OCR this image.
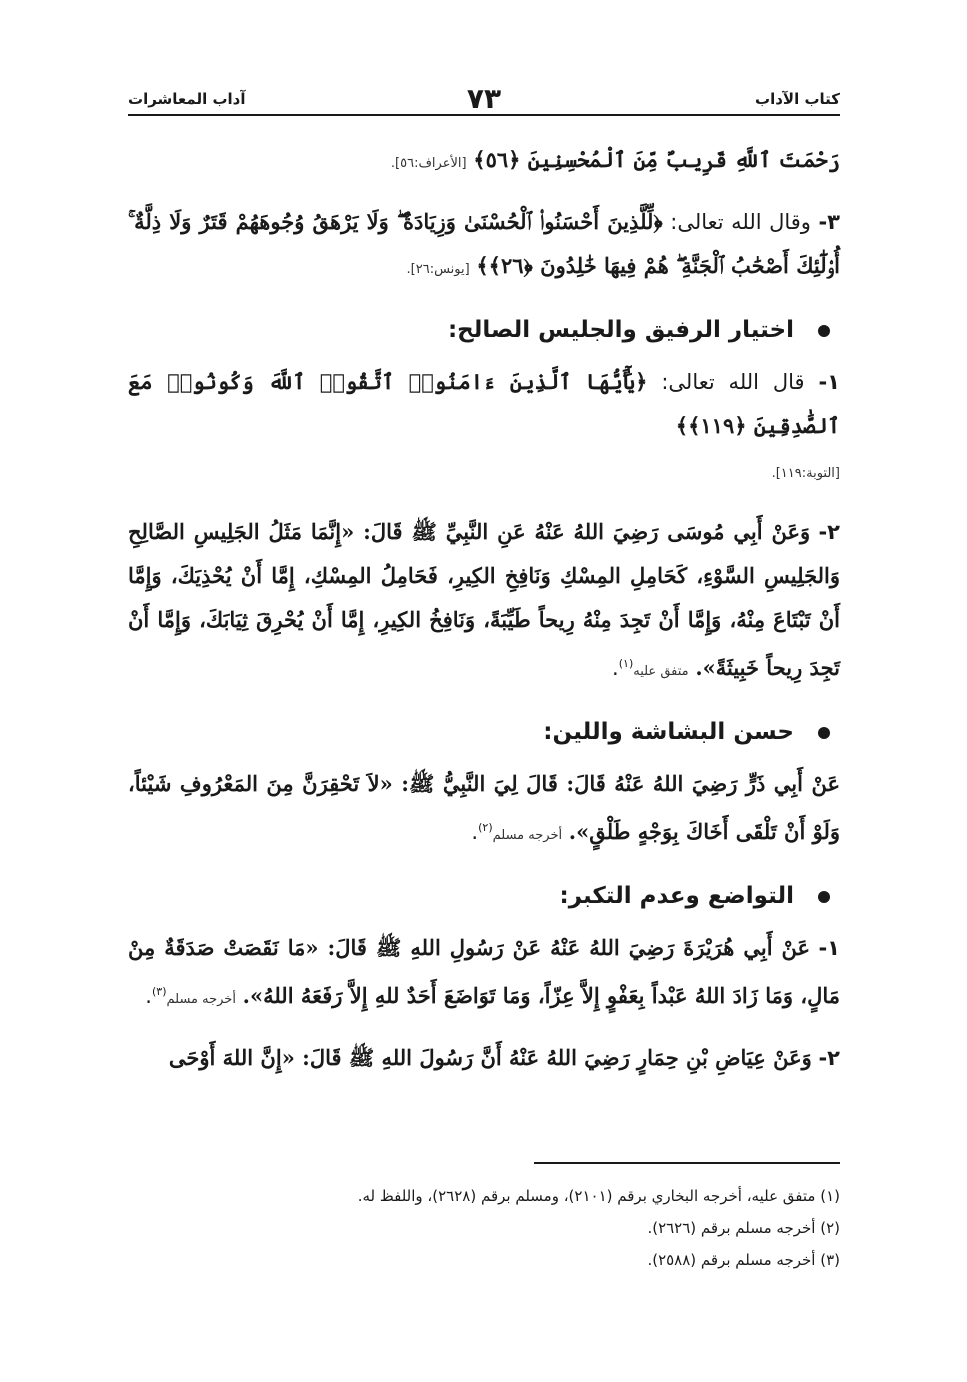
كتاب الآداب
٧٣
آداب المعاشرات

رَحْمَتَ ٱللَّهِ قَرِيبٌ مِّنَ ٱلْمُحْسِنِينَ ﴿٥٦﴾ [الأعراف:٥٦].

٣- وقال الله تعالى: ﴿لِّلَّذِينَ أَحْسَنُوا۟ ٱلْحُسْنَىٰ وَزِيَادَةٌ ۖ وَلَا يَرْهَقُ وُجُوهَهُمْ قَتَرٌ وَلَا ذِلَّةٌ ۚ أُو۟لَٰٓئِكَ أَصْحَٰبُ ٱلْجَنَّةِ ۖ هُمْ فِيهَا خَٰلِدُونَ ﴿٢٦﴾﴾ [يونس:٢٦].

اختيار الرفيق والجليس الصالح:

١- قال الله تعالى: ﴿يَٰٓأَيُّهَا ٱلَّذِينَ ءَامَنُوا۟ ٱتَّقُوا۟ ٱللَّهَ وَكُونُوا۟ مَعَ ٱلصَّٰدِقِينَ ﴿١١٩﴾﴾
[التوبة:١١٩].

٢- وَعَنْ أَبِي مُوسَى رَضِيَ اللهُ عَنْهُ عَنِ النَّبِيِّ ﷺ قَالَ: «إِنَّمَا مَثَلُ الجَلِيسِ الصَّالِحِ وَالجَلِيسِ السَّوْءِ، كَحَامِلِ المِسْكِ وَنَافِخِ الكِيرِ، فَحَامِلُ المِسْكِ، إِمَّا أَنْ يُحْذِيَكَ، وَإِمَّا أَنْ تَبْتَاعَ مِنْهُ، وَإِمَّا أَنْ تَجِدَ مِنْهُ رِيحاً طَيِّبَةً، وَنَافِخُ الكِيرِ، إِمَّا أَنْ يُحْرِقَ ثِيَابَكَ، وَإِمَّا أَنْ تَجِدَ رِيحاً خَبِيثَةً». متفق عليه$^{(١)}$.

حسن البشاشة واللين:

عَنْ أَبِي ذَرٍّ رَضِيَ اللهُ عَنْهُ قَالَ: قَالَ لِيَ النَّبِيُّ ﷺ: «لاَ تَحْقِرَنَّ مِنَ المَعْرُوفِ شَيْئاً، وَلَوْ أَنْ تَلْقَى أَخَاكَ بِوَجْهٍ طَلْقٍ». أخرجه مسلم$^{(٢)}$.

التواضع وعدم التكبر:

١- عَنْ أَبِي هُرَيْرَةَ رَضِيَ اللهُ عَنْهُ عَنْ رَسُولِ اللهِ ﷺ قَالَ: «مَا نَقَصَتْ صَدَقَةٌ مِنْ مَالٍ، وَمَا زَادَ اللهُ عَبْداً بِعَفْوٍ إِلاَّ عِزّاً، وَمَا تَوَاضَعَ أَحَدٌ للهِ إِلاَّ رَفَعَهُ اللهُ». أخرجه مسلم$^{(٣)}$.

٢- وَعَنْ عِيَاضِ بْنِ حِمَارٍ رَضِيَ اللهُ عَنْهُ أَنَّ رَسُولَ اللهِ ﷺ قَالَ: «إِنَّ اللهَ أَوْحَى

(١) متفق عليه، أخرجه البخاري برقم (٢١٠١)، ومسلم برقم (٢٦٢٨)، واللفظ له.

(٢) أخرجه مسلم برقم (٢٦٢٦).

(٣) أخرجه مسلم برقم (٢٥٨٨).
